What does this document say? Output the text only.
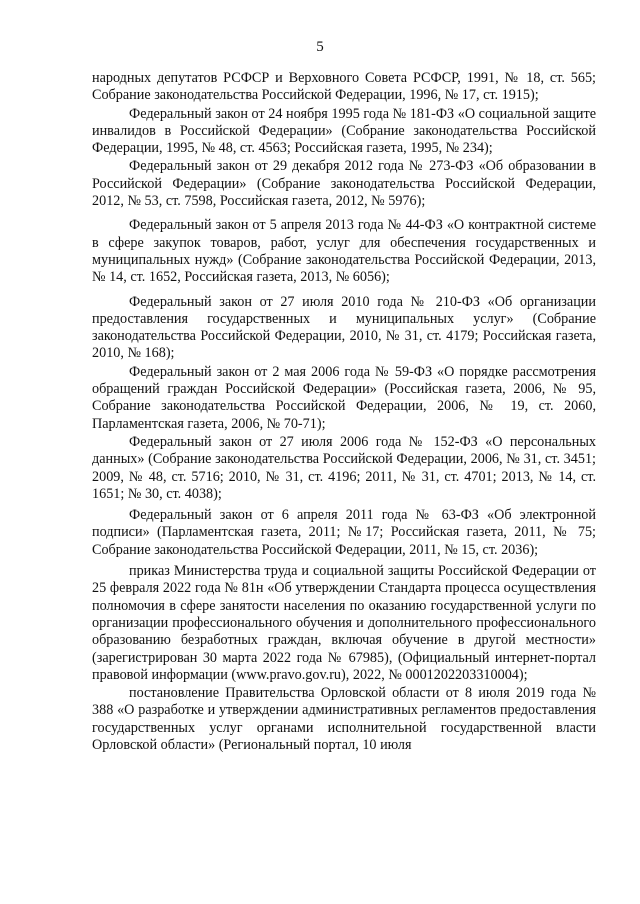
5

народных депутатов РСФСР и Верховного Совета РСФСР, 1991, № 18, ст. 565; Собрание законодательства Российской Федерации, 1996, № 17, ст. 1915);

Федеральный закон от 24 ноября 1995 года № 181-ФЗ «О социальной защите инвалидов в Российской Федерации» (Собрание законодательства Российской Федерации, 1995, № 48, ст. 4563; Российская газета, 1995, № 234);

Федеральный закон от 29 декабря 2012 года № 273-ФЗ «Об образовании в Российской Федерации» (Собрание законодательства Российской Федерации, 2012, № 53, ст. 7598, Российская газета, 2012, № 5976);

Федеральный закон от 5 апреля 2013 года № 44-ФЗ «О контрактной системе в сфере закупок товаров, работ, услуг для обеспечения государственных и муниципальных нужд» (Собрание законодательства Российской Федерации, 2013, № 14, ст. 1652, Российская газета, 2013, № 6056);

Федеральный закон от 27 июля 2010 года № 210-ФЗ «Об организации предоставления государственных и муниципальных услуг» (Собрание законодательства Российской Федерации, 2010, № 31, ст. 4179; Российская газета, 2010, № 168);

Федеральный закон от 2 мая 2006 года № 59-ФЗ «О порядке рассмотрения обращений граждан Российской Федерации» (Российская газета, 2006, № 95, Собрание законодательства Российской Федерации, 2006, № 19, ст. 2060, Парламентская газета, 2006, № 70-71);

Федеральный закон от 27 июля 2006 года № 152-ФЗ «О персональных данных» (Собрание законодательства Российской Федерации, 2006, № 31, ст. 3451; 2009, № 48, ст. 5716; 2010, № 31, ст. 4196; 2011, № 31, ст. 4701; 2013, № 14, ст. 1651; № 30, ст. 4038);

Федеральный закон от 6 апреля 2011 года № 63-ФЗ «Об электронной подписи» (Парламентская газета, 2011; №17; Российская газета, 2011, № 75; Собрание законодательства Российской Федерации, 2011, № 15, ст. 2036);

приказ Министерства труда и социальной защиты Российской Федерации от 25 февраля 2022 года № 81н «Об утверждении Стандарта процесса осуществления полномочия в сфере занятости населения по оказанию государственной услуги по организации профессионального обучения и дополнительного профессионального образованию безработных граждан, включая обучение в другой местности» (зарегистрирован 30 марта 2022 года № 67985), (Официальный интернет-портал правовой информации (www.pravo.gov.ru), 2022, № 0001202203310004);

постановление Правительства Орловской области от 8 июля 2019 года № 388 «О разработке и утверждении административных регламентов предоставления государственных услуг органами исполнительной государственной власти Орловской области» (Региональный портал, 10 июля
